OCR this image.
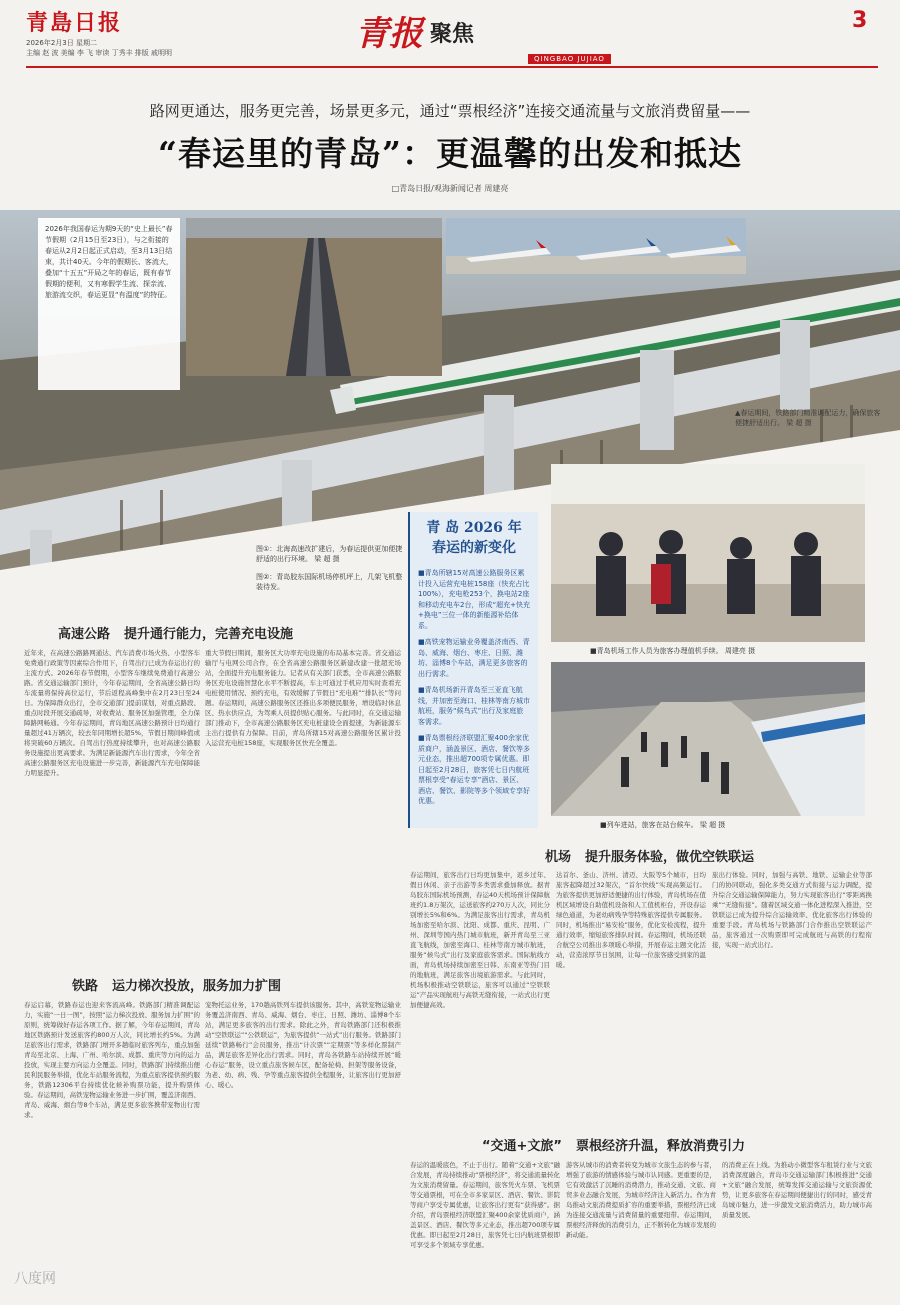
青島日报
2026年2月3日 星期二
主编 赵 波 美编 李 飞 审读 丁秀丰 排版 戚明明	青报 聚焦
QINGBAO JUJIAO
3
路网更通达，服务更完善，场景更多元，通过“票根经济”连接交通流量与文旅消费留量——
“春运里的青岛”：更温馨的出发和抵达
□青岛日报/观海新闻记者 周建亮
2026年我国春运为期9天的“史上最长”春节假期（2月15日至23日），与之衔接的春运从2月2日起正式启动，至3月13日结束，共计40天。今年的假期长、客流大，叠加“十五五”开局之年的春运，既有春节假期的便利，又有寒假学生流、探亲流、旅游流交织，春运更显“有温度”的特征。
图①：北海高速改扩建后，为春运提供更加便捷舒适的出行环境。 梁 超 摄
图②：青岛胶东国际机场停机坪上，几架飞机整装待发。
▲春运期间，铁路部门精准调配运力，确保旅客便捷舒适出行。 梁 超 摄
青 岛 2026 年
春运的新变化
■青岛所辖15对高速公路服务区累计投入运营充电桩158座（快充占比100%），充电枪253个，换电站2座和移动充电车2台，形成“超充+快充+换电”三位一体的新能源补给体系。
■高铁宠物运输业务覆盖济南西、青岛、威海、烟台、枣庄、日照、潍坊、淄博8个车站，满足更多旅客的出行需求。
■青岛机场新开青岛至三亚直飞航线，并加密至海口、桂林等南方城市航班，服务“候鸟式”出行及家庭旅客需求。
■青岛票根经济联盟汇聚400余家优质商户，涵盖景区、酒店、餐饮等多元业态，推出超700项专属优惠。即日起至2月28日，旅客凭七日内航班票根享受“春运专享”酒店、景区、酒店、餐饮、影院等多个领域专享好优惠。
■青岛机场工作人员为旅客办理值机手续。 周建亮 摄
■列车进站，旅客在站台候车。 梁 超 摄
高速公路 提升通行能力，完善充电设施
铁路 运力梯次投放，服务加力扩围
机场 提升服务体验，做优空铁联运
“交通+文旅” 票根经济升温，释放消费引力
近年来，在高速公路路网通达、汽车消费市场火热、小型客车免费通行政策等因素综合作用下，自驾出行已成为春运出行的主流方式。2026年春节假期，小型客车继续免费通行高速公路。省交通运输部门预计，今年春运期间，全省高速公路日均车流量将保持高位运行，节后返程高峰集中在2月23日至24日。为保障群众出行，全市交通部门提前谋划，对重点路段、重点时段开展交通疏导，对收费站、服务区加强管理，全力保障路网畅通。今年春运期间，青岛地区高速公路预计日均通行量超过41万辆次，较去年同期增长超5%，节假日期间峰值或将突破60万辆次。自驾出行热度持续攀升，也对高速公路服务设施提出更高要求。为满足新能源汽车出行需求，今年全省高速公路服务区充电设施进一步完善，新能源汽车充电保障能力明显提升。
重大节假日期间，服务区大功率充电设施的布局基本完善。省交通运输厅与电网公司合作，在全省高速公路服务区新建改建一批超充场站，全面提升充电服务能力。记者从有关部门获悉，全市高速公路服务区充电设施智慧化水平不断提高，车主可通过手机应用实时查看充电桩使用情况、预约充电，有效缓解了节假日“充电难”“排队长”等问题。春运期间，高速公路服务区还推出多项便民服务，增设临时休息区、热水供应点，为驾乘人员提供贴心服务。与此同时，在交通运输部门推动下，全市高速公路服务区充电桩建设全面提速，为新能源车主出行提供有力保障。目前，青岛所辖15对高速公路服务区累计投入运营充电桩158座，实现服务区快充全覆盖。
春运启幕，铁路春运也迎来客流高峰。铁路部门精准调配运力，实施“一日一图”，按照“运力梯次投放、服务加力扩围”的原则，统筹做好春运各项工作。据了解，今年春运期间，青岛地区铁路预计发送旅客约800万人次，同比增长约5%。为满足旅客出行需求，铁路部门增开多趟临时旅客列车，重点加强青岛至北京、上海、广州、哈尔滨、成都、重庆等方向的运力投放，实现主要方向运力全覆盖。同时，铁路部门持续推出便民利民服务举措，优化车站服务流程，为重点旅客提供预约服务，铁路12306平台持续优化候补购票功能，提升购票体验。春运期间，高铁宠物运输业务进一步扩围，覆盖济南西、青岛、威海、烟台等8个车站，满足更多旅客携带宠物出行需求。
宠物托运业务，170趟高铁列车提供该服务。其中，高铁宠物运输业务覆盖济南西、青岛、威海、烟台、枣庄、日照、潍坊、淄博8个车站，满足更多旅客的出行需求。除此之外，青岛铁路部门还积极推动“空铁联运”“公铁联运”，为旅客提供“一站式”出行服务。铁路部门延续“铁路畅行”会员服务，推出“计次票”“定期票”等多样化票制产品，满足旅客差异化出行需求。同时，青岛各铁路车站持续开展“暖心春运”服务，设立重点旅客候车区，配备轮椅、担架等服务设备，为老、幼、病、残、孕等重点旅客提供全程服务，让旅客出行更加舒心、暖心。
春运期间，旅客出行日均更加集中，返乡过年、假日休闲、亲子出游等多类需求叠加释放。据青岛胶东国际机场预测，春运40天机场预计保障航班约1.8万架次，运送旅客约270万人次，同比分别增长5%和6%。为满足旅客出行需求，青岛机场加密至哈尔滨、沈阳、成都、重庆、昆明、广州、深圳等国内热门城市航班，新开青岛至三亚直飞航线，加密至海口、桂林等南方城市航班，服务“候鸟式”出行及家庭旅客需求。国际航线方面，青岛机场持续加密至日韩、东南亚等热门目的地航班，满足旅客出境旅游需求。与此同时，机场积极推动空铁联运，旅客可以通过“空铁联运”产品实现航班与高铁无缝衔接，一站式出行更加便捷高效。
达首尔、釜山、济州、清迈、大阪等5个城市，日均旅客起降超过32架次，“首尔快线”实现高频运行。为旅客提供更加舒适便捷的出行体验，青岛机场在值机区域增设自助值机设备和人工值机柜台，开设春运绿色通道，为老幼病残孕等特殊旅客提供专属服务。同时，机场推出“易安检”服务，优化安检流程，提升通行效率，缩短旅客排队时间。春运期间，机场还联合航空公司推出多项暖心举措，开展春运主题文化活动，营造浓厚节日氛围，让每一位旅客感受到家的温暖。
旅出行体验。同时，加强与高铁、地铁、运输企业等部门的协同联动，强化多类交通方式衔接与运力调配，提升综合交通运输保障能力，努力实现旅客出行“零距离换乘”“无缝衔接”。随着区域交通一体化进程深入推进，空铁联运已成为提升综合运输效率、优化旅客出行体验的重要手段。青岛机场与铁路部门合作推出空铁联运产品，旅客通过一次购票即可完成航班与高铁的行程衔接，实现一站式出行。
春运的温暖底色，不止于出行。随着“交通+文旅”融合发展，青岛持续推动“票根经济”，将交通流量转化为文旅消费留量。春运期间，旅客凭火车票、飞机票等交通票根，可在全市多家景区、酒店、餐饮、影院等商户享受专属优惠，让旅客出行更有“获得感”。据介绍，青岛票根经济联盟汇聚400余家优质商户，涵盖景区、酒店、餐饮等多元业态，推出超700项专属优惠。即日起至2月28日，旅客凭七日内航班票根即可享受多个领域专享优惠。
游客从城市的消费者转变为城市文旅生态的参与者，增强了旅游的情感体验与城市认同感。更重要的是，它有效激活了沉睡的消费潜力，推动交通、文旅、商贸多业态融合发展，为城市经济注入新活力。作为青岛推动文旅消费提质扩容的重要举措，票根经济已成为连接交通流量与消费留量的重要纽带。春运期间，票根经济释放的消费引力，正不断转化为城市发展的新动能。
的消费正在上线。为推动小微型客车租赁行业与文旅消费深度融合，青岛市交通运输部门积极推进“交通+文旅”融合发展，统筹发挥交通运输与文旅资源优势，让更多旅客在春运期间便捷出行的同时，感受青岛城市魅力，进一步激发文旅消费活力，助力城市高质量发展。
八度网
